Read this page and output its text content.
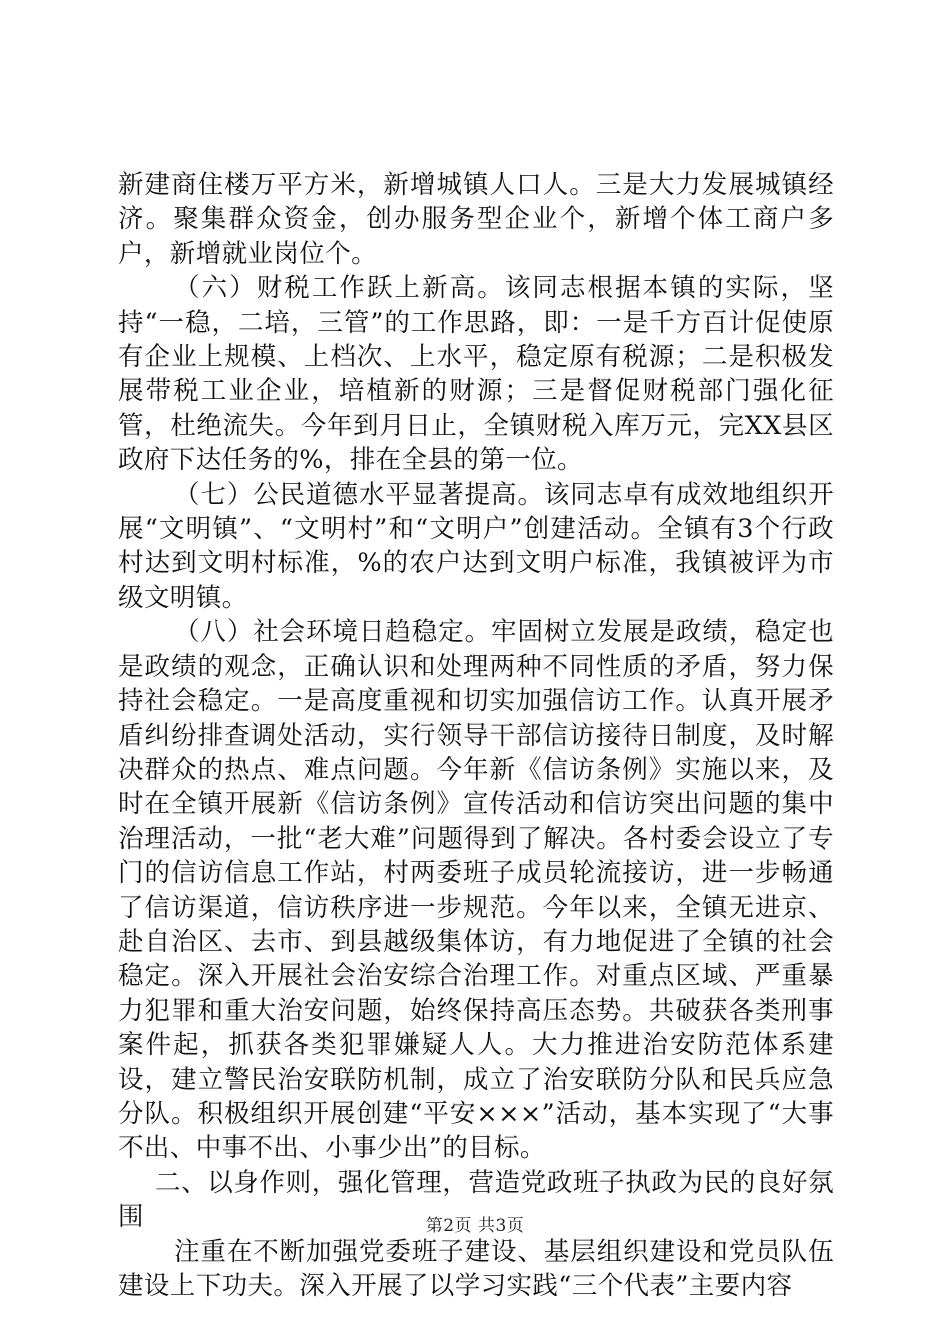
新建商住楼万平方米，新增城镇人口人。三是大力发展城镇经济。聚集群众资金，创办服务型企业个，新增个体工商户多户，新增就业岗位个。

（六）财税工作跃上新高。该同志根据本镇的实际，坚持“一稳，二培，三管”的工作思路，即：一是千方百计促使原有企业上规模、上档次、上水平，稳定原有税源；二是积极发展带税工业企业，培植新的财源；三是督促财税部门强化征管，杜绝流失。今年到月日止，全镇财税入库万元，完XX县区政府下达任务的%，排在全县的第一位。

（七）公民道德水平显著提高。该同志卓有成效地组织开展“文明镇”、“文明村”和“文明户”创建活动。全镇有3个行政村达到文明村标准，%的农户达到文明户标准，我镇被评为市级文明镇。

（八）社会环境日趋稳定。牢固树立发展是政绩，稳定也是政绩的观念，正确认识和处理两种不同性质的矛盾，努力保持社会稳定。一是高度重视和切实加强信访工作。认真开展矛盾纠纷排查调处活动，实行领导干部信访接待日制度，及时解决群众的热点、难点问题。今年新《信访条例》实施以来，及时在全镇开展新《信访条例》宣传活动和信访突出问题的集中治理活动，一批“老大难”问题得到了解决。各村委会设立了专门的信访信息工作站，村两委班子成员轮流接访，进一步畅通了信访渠道，信访秩序进一步规范。今年以来，全镇无进京、赴自治区、去市、到县越级集体访，有力地促进了全镇的社会稳定。深入开展社会治安综合治理工作。对重点区域、严重暴力犯罪和重大治安问题，始终保持高压态势。共破获各类刑事案件起，抓获各类犯罪嫌疑人人。大力推进治安防范体系建设，建立警民治安联防机制，成立了治安联防分队和民兵应急分队。积极组织开展创建“平安×××”活动，基本实现了“大事不出、中事不出、小事少出”的目标。

二、以身作则，强化管理，营造党政班子执政为民的良好氛围

注重在不断加强党委班子建设、基层组织建设和党员队伍建设上下功夫。深入开展了以学习实践“三个代表”主要内容

第2页 共3页
